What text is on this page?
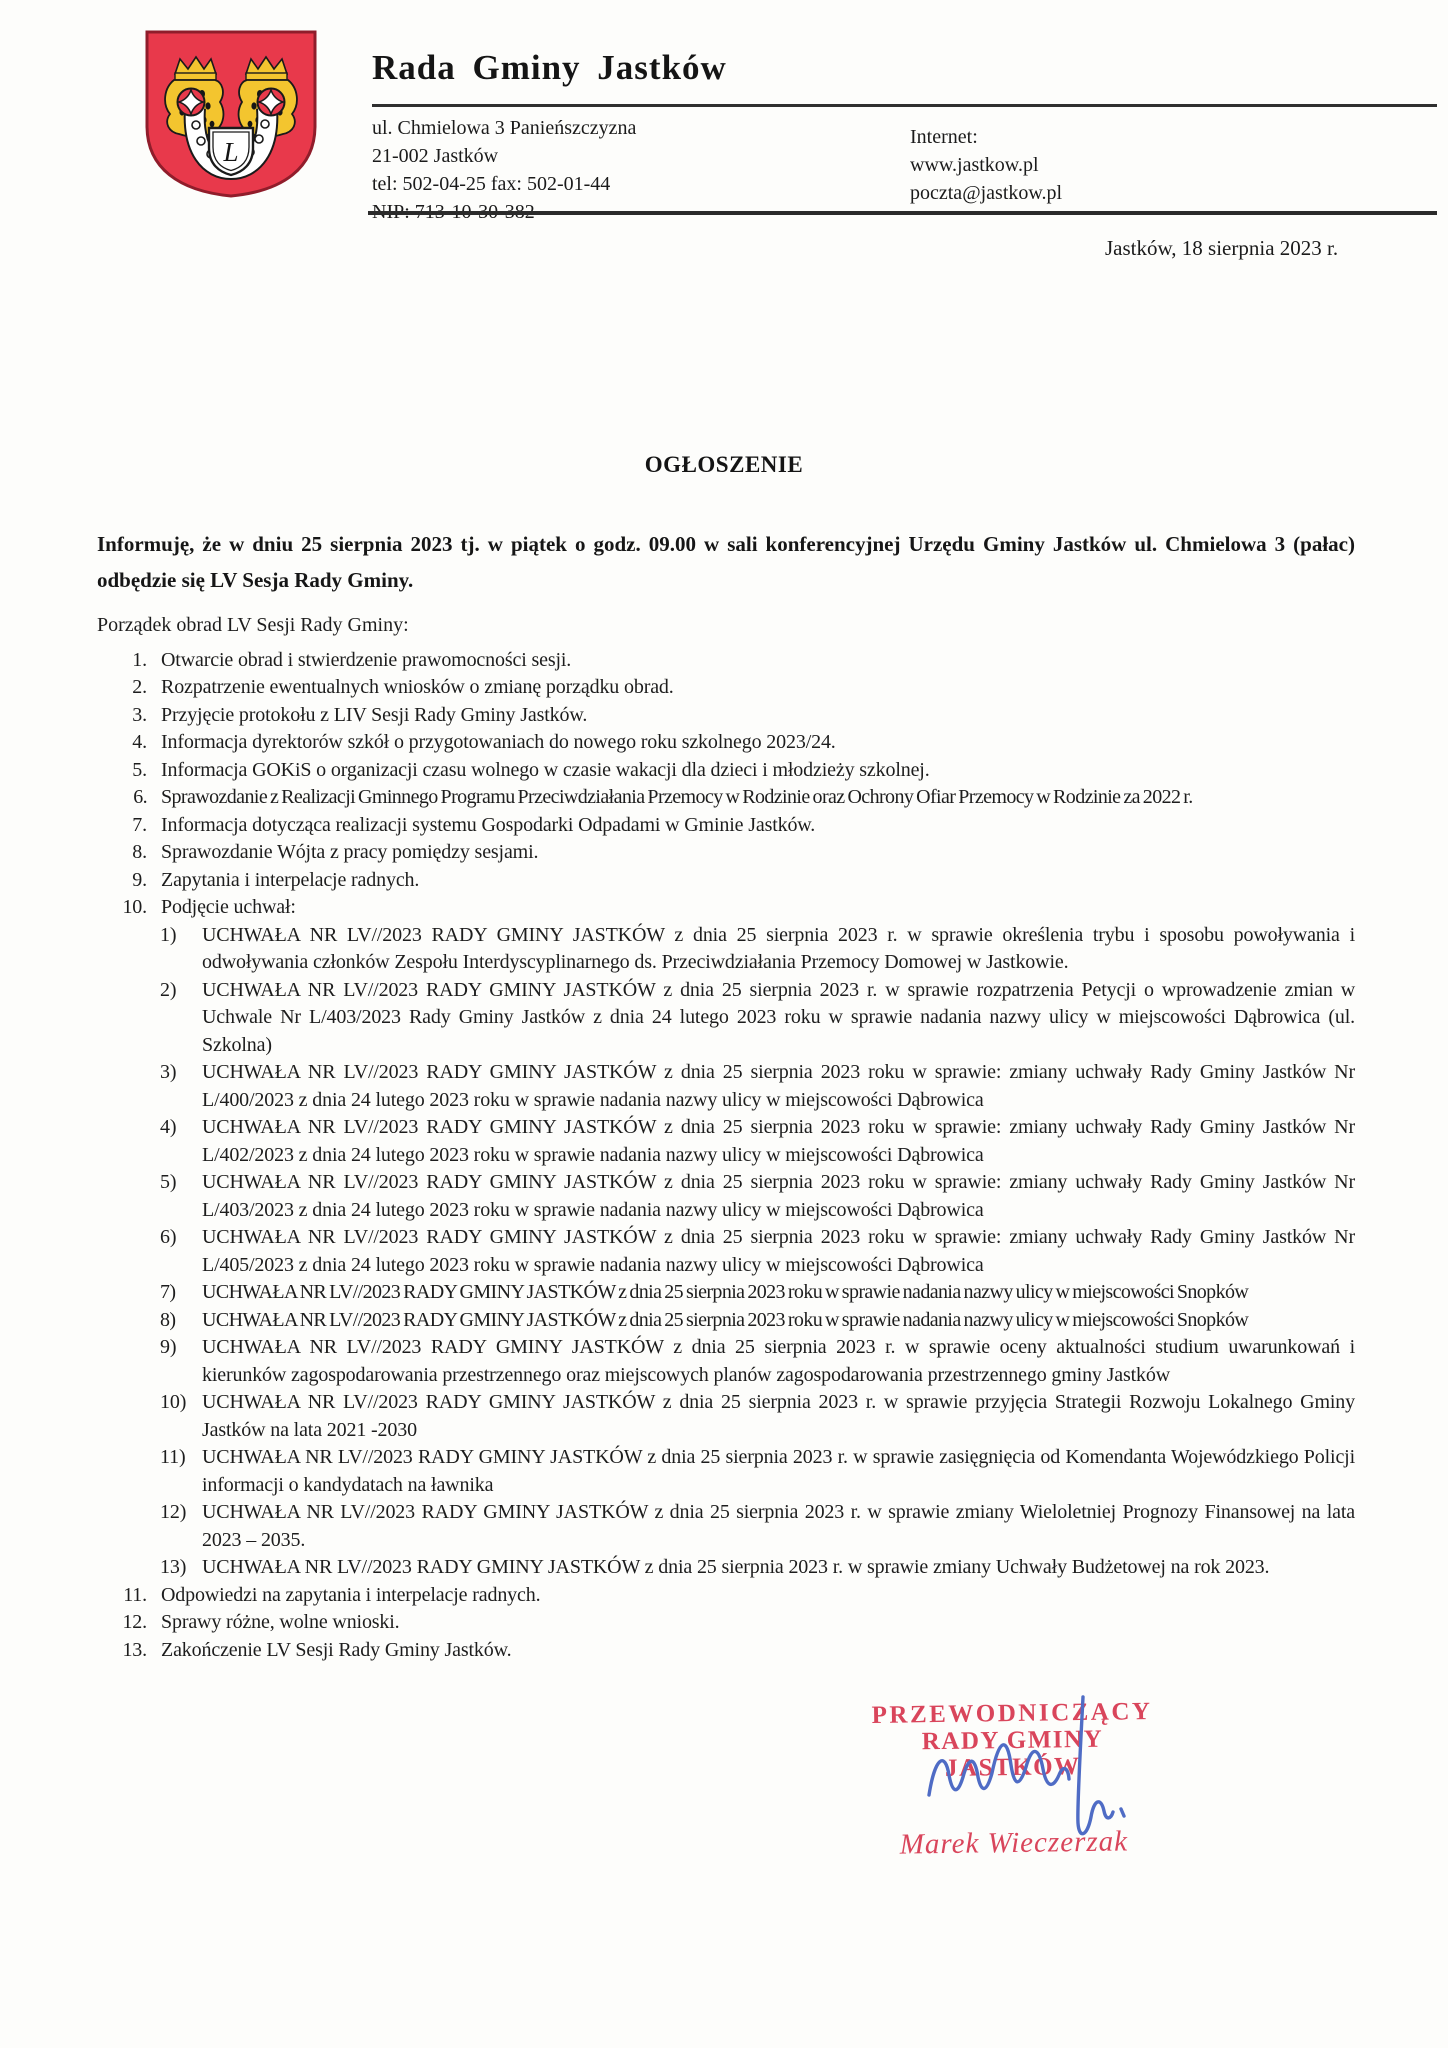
L
Rada Gminy Jastków
ul. Chmielowa 3 Panieńszczyzna
21-002 Jastków
tel: 502-04-25 fax: 502-01-44
NIP: 713-10-30-382
Internet:
www.jastkow.pl
poczta@jastkow.pl
Jastków, 18 sierpnia 2023 r.
OGŁOSZENIE

Informuję, że w dniu 25 sierpnia 2023 tj. w piątek o godz. 09.00 w sali konferencyjnej Urzędu Gminy Jastków ul. Chmielowa 3 (pałac) odbędzie się LV Sesja Rady Gminy.

Porządek obrad LV Sesji Rady Gminy:

1. Otwarcie obrad i stwierdzenie prawomocności sesji.
2. Rozpatrzenie ewentualnych wniosków o zmianę porządku obrad.
3. Przyjęcie protokołu z LIV Sesji Rady Gminy Jastków.
4. Informacja dyrektorów szkół o przygotowaniach do nowego roku szkolnego 2023/24.
5. Informacja GOKiS o organizacji czasu wolnego w czasie wakacji dla dzieci i młodzieży szkolnej.
6. Sprawozdanie z Realizacji Gminnego Programu Przeciwdziałania Przemocy w Rodzinie oraz Ochrony Ofiar Przemocy w Rodzinie za 2022 r.
7. Informacja dotycząca realizacji systemu Gospodarki Odpadami w Gminie Jastków.
8. Sprawozdanie Wójta z pracy pomiędzy sesjami.
9. Zapytania i interpelacje radnych.
10. Podjęcie uchwał:
1)	UCHWAŁA NR LV//2023 RADY GMINY JASTKÓW z dnia 25 sierpnia 2023 r. w sprawie określenia trybu i sposobu powoływania i odwoływania członków Zespołu Interdyscyplinarnego ds. Przeciwdziałania Przemocy Domowej w Jastkowie.
2)	UCHWAŁA NR LV//2023 RADY GMINY JASTKÓW z dnia 25 sierpnia 2023 r. w sprawie rozpatrzenia Petycji o wprowadzenie zmian w Uchwale Nr L/403/2023 Rady Gminy Jastków z dnia 24 lutego 2023 roku w sprawie nadania nazwy ulicy w miejscowości Dąbrowica (ul. Szkolna)
3)	UCHWAŁA NR LV//2023 RADY GMINY JASTKÓW z dnia 25 sierpnia 2023 roku w sprawie: zmiany uchwały Rady Gminy Jastków Nr L/400/2023 z dnia 24 lutego 2023 roku w sprawie nadania nazwy ulicy w miejscowości Dąbrowica
4)	UCHWAŁA NR LV//2023 RADY GMINY JASTKÓW z dnia 25 sierpnia 2023 roku w sprawie: zmiany uchwały Rady Gminy Jastków Nr L/402/2023 z dnia 24 lutego 2023 roku w sprawie nadania nazwy ulicy w miejscowości Dąbrowica
5)	UCHWAŁA NR LV//2023 RADY GMINY JASTKÓW z dnia 25 sierpnia 2023 roku w sprawie: zmiany uchwały Rady Gminy Jastków Nr L/403/2023 z dnia 24 lutego 2023 roku w sprawie nadania nazwy ulicy w miejscowości Dąbrowica
6)	UCHWAŁA NR LV//2023 RADY GMINY JASTKÓW z dnia 25 sierpnia 2023 roku w sprawie: zmiany uchwały Rady Gminy Jastków Nr L/405/2023 z dnia 24 lutego 2023 roku w sprawie nadania nazwy ulicy w miejscowości Dąbrowica
7)	UCHWAŁA NR LV//2023 RADY GMINY JASTKÓW z dnia 25 sierpnia 2023 roku w sprawie nadania nazwy ulicy w miejscowości Snopków
8)	UCHWAŁA NR LV//2023 RADY GMINY JASTKÓW z dnia 25 sierpnia 2023 roku w sprawie nadania nazwy ulicy w miejscowości Snopków
9)	UCHWAŁA NR LV//2023 RADY GMINY JASTKÓW z dnia 25 sierpnia 2023 r. w sprawie oceny aktualności studium uwarunkowań i kierunków zagospodarowania przestrzennego oraz miejscowych planów zagospodarowania przestrzennego gminy Jastków
10) UCHWAŁA NR LV//2023 RADY GMINY JASTKÓW z dnia 25 sierpnia 2023 r. w sprawie przyjęcia Strategii Rozwoju Lokalnego Gminy Jastków na lata 2021 -2030
11) UCHWAŁA NR LV//2023 RADY GMINY JASTKÓW z dnia 25 sierpnia 2023 r. w sprawie zasięgnięcia od Komendanta Wojewódzkiego Policji informacji o kandydatach na ławnika
12) UCHWAŁA NR LV//2023 RADY GMINY JASTKÓW z dnia 25 sierpnia 2023 r. w sprawie zmiany Wieloletniej Prognozy Finansowej na lata 2023 – 2035.
13) UCHWAŁA NR LV//2023 RADY GMINY JASTKÓW z dnia 25 sierpnia 2023 r. w sprawie zmiany Uchwały Budżetowej na rok 2023.
11. Odpowiedzi na zapytania i interpelacje radnych.
12. Sprawy różne, wolne wnioski.
13. Zakończenie LV Sesji Rady Gminy Jastków.
PRZEWODNICZĄCY
RADY GMINY JASTKÓW
Marek Wieczerzak
